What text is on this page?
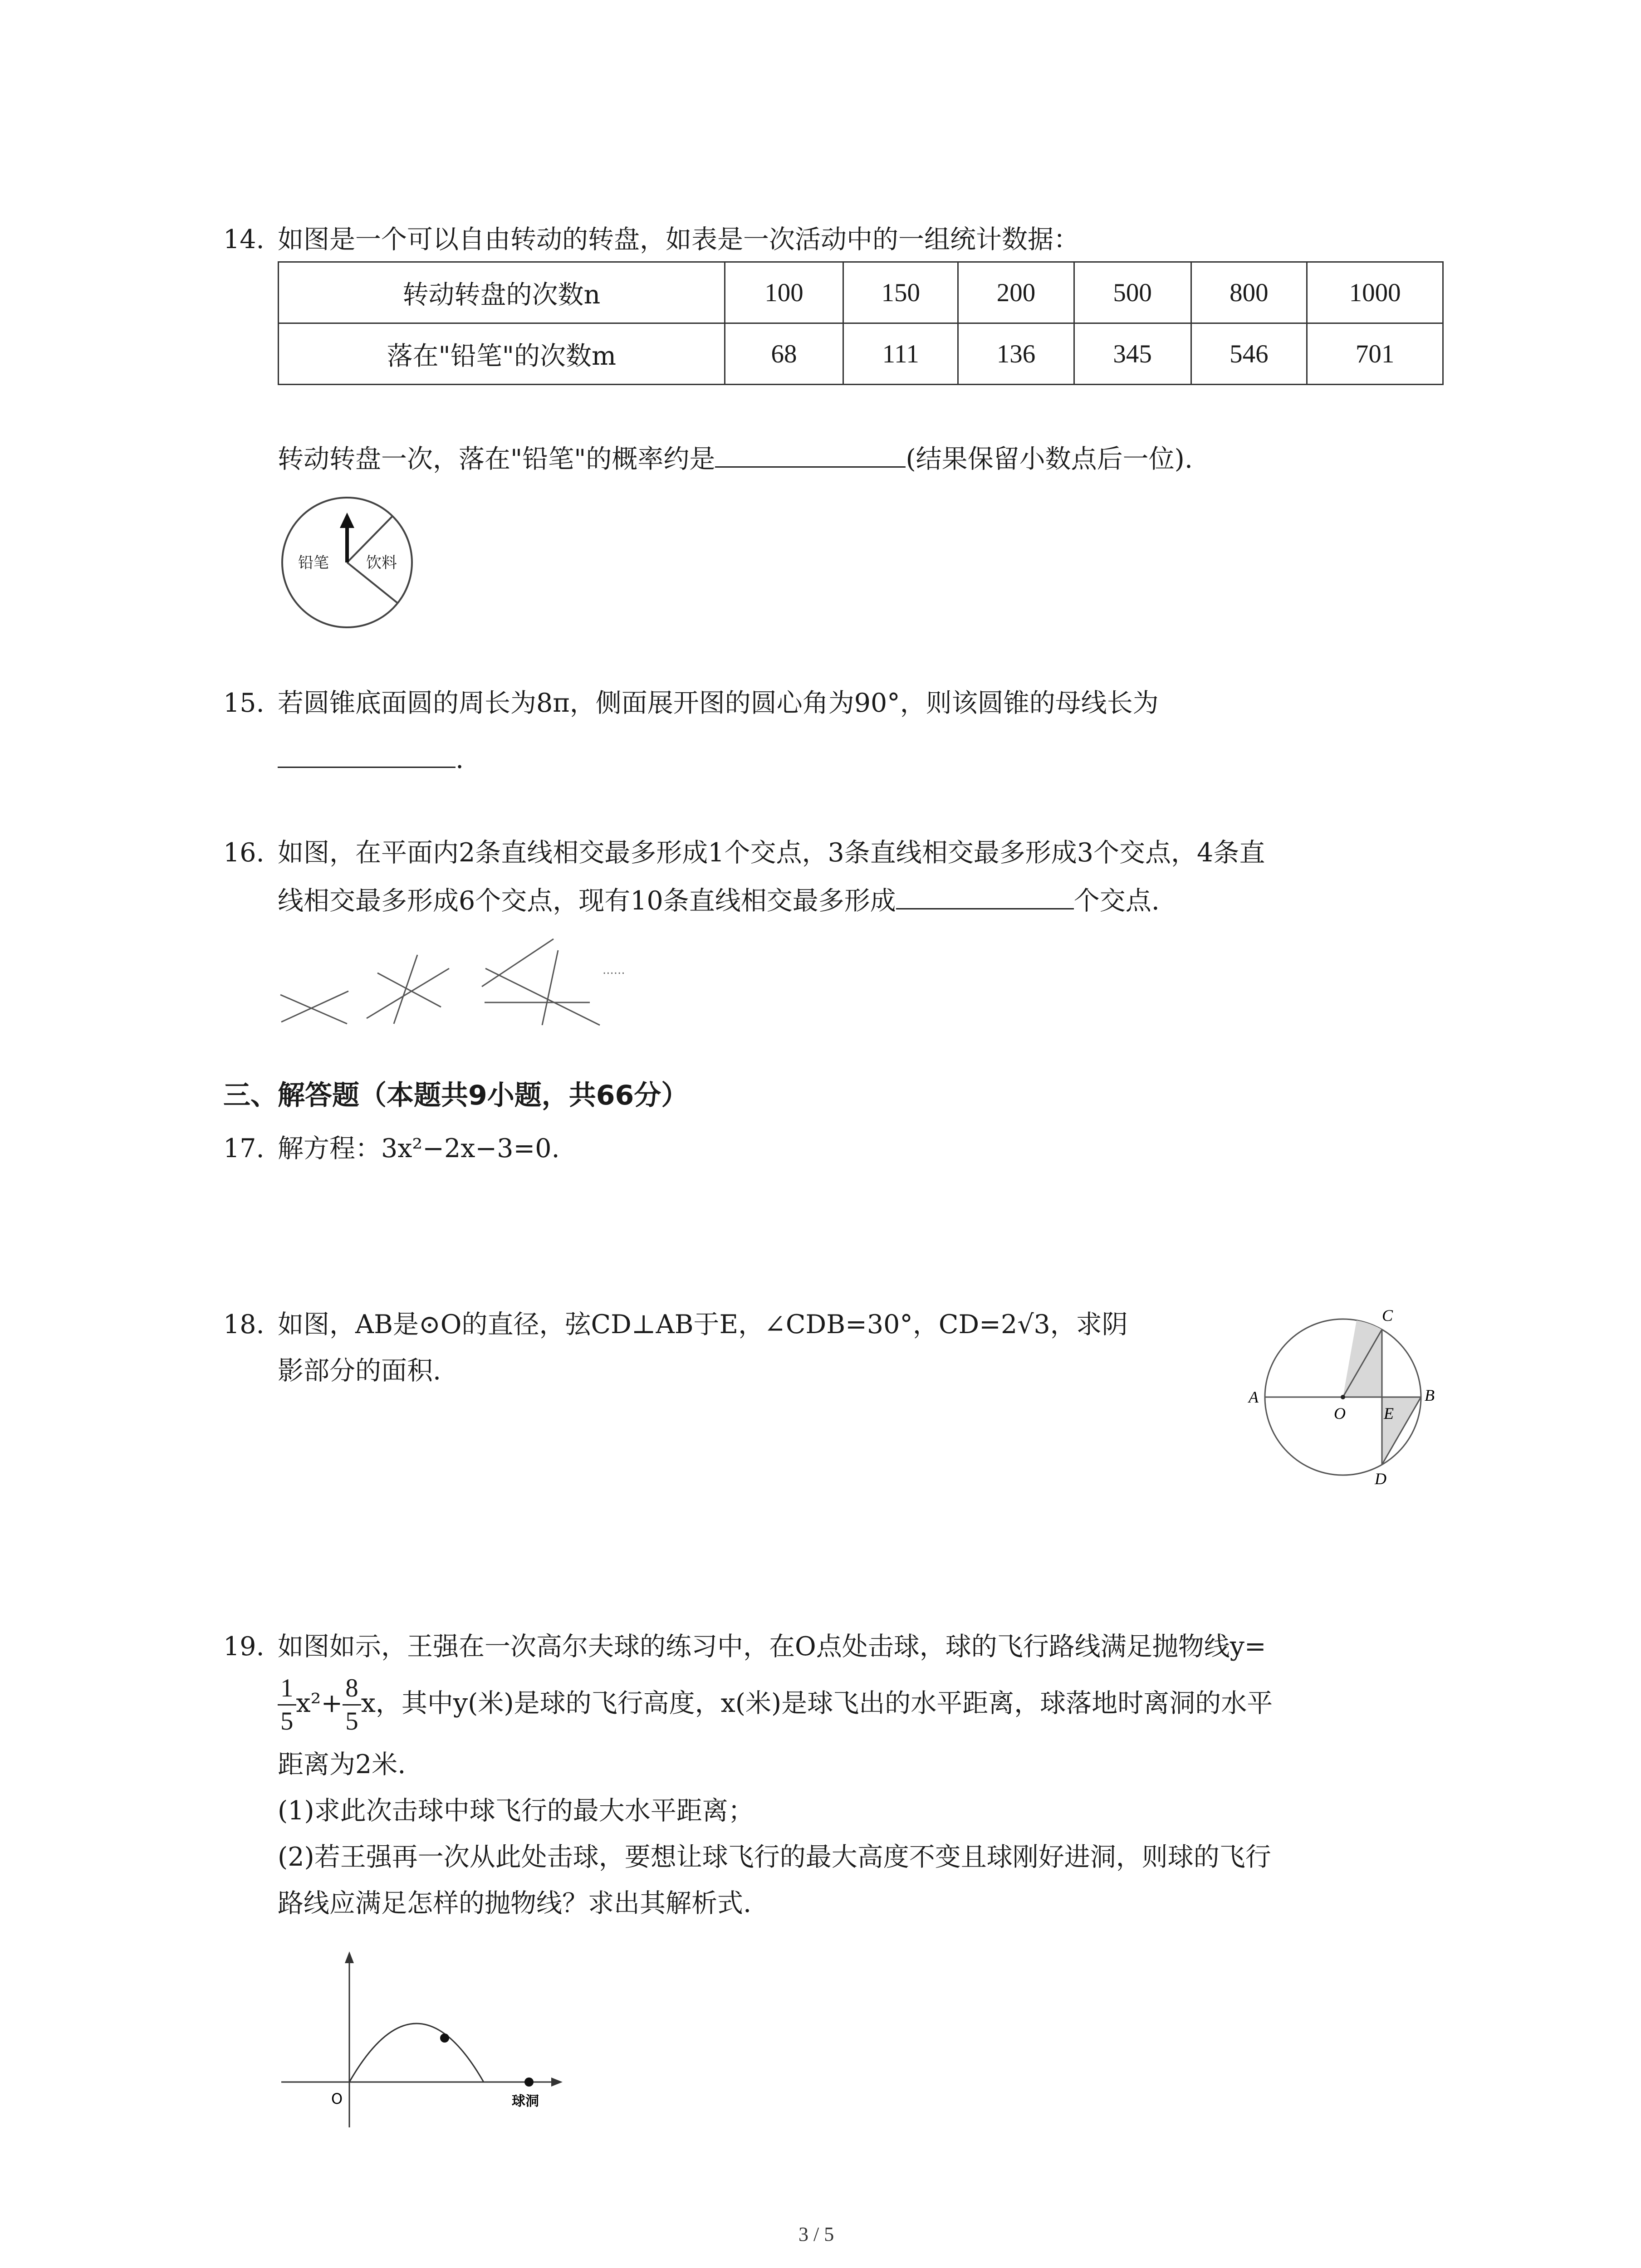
14. 如图是一个可以自由转动的转盘，如表是一次活动中的一组统计数据：
转动转盘的次数n	100	150	200	500	800	1000
落在"铅笔"的次数m	68	111	136	345	546	701
转动转盘一次，落在"铅笔"的概率约是	(结果保留小数点后一位).
铅笔 饮料
15. 若圆锥底面圆的周长为8π，侧面展开图的圆心角为90°，则该圆锥的母线长为
.
16. 如图，在平面内2条直线相交最多形成1个交点，3条直线相交最多形成3个交点，4条直
线相交最多形成6个交点，现有10条直线相交最多形成	个交点.
......
三、解答题（本题共9小题，共66分）
17. 解方程：3x²−2x−3=0.
18. 如图，AB是⊙O的直径，弦CD⊥AB于E，∠CDB=30°，CD=2√3，求阴
影部分的面积.
A	B
C
D
O E
19. 如图如示，王强在一次高尔夫球的练习中，在O点处击球，球的飞行路线满足抛物线y=
$\frac{1}{5} x^2+ \frac{8}{5}$ x，其中y(米)是球的飞行高度，x(米)是球飞出的水平距离，球落地时离洞的水平
距离为2米.
(1)求此次击球中球飞行的最大水平距离；
(2)若王强再一次从此处击球，要想让球飞行的最大高度不变且球刚好进洞，则球的飞行
路线应满足怎样的抛物线？求出其解析式.
O	球洞
3 / 5
